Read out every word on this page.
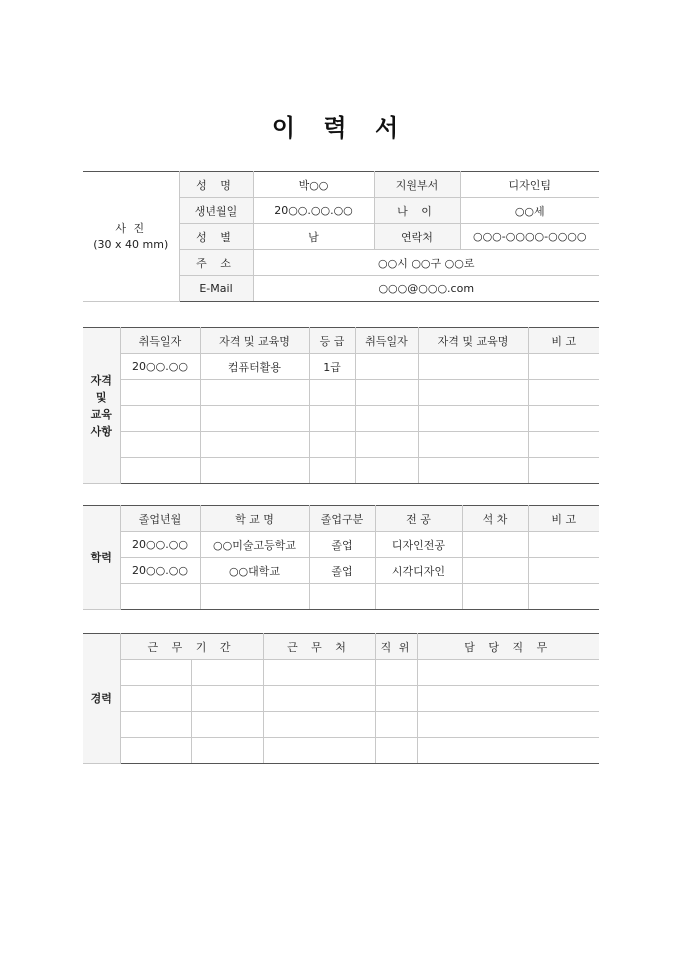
이 력 서
사 진
(30 x 40 mm)	성 명	박○○	지원부서	디자인팀
	생년월일	20○○.○○.○○	나 이	○○세
	성 별	남	연락처	○○○-○○○○-○○○○
	주 소	○○시 ○○구 ○○로		
	E-Mail	○○○@○○○.com		
자격
및
교육
사항	취득일자	자격 및 교육명	등 급	취득일자	자격 및 교육명	비 고
	20○○.○○	컴퓨터활용	1급			

학력	졸업년월	학 교 명	졸업구분	전 공	석 차	비 고
	20○○.○○	○○미술고등학교	졸업	디자인전공		
	20○○.○○	○○대학교	졸업	시각디자인		

경력	근 무 기 간		근 무 처	직 위	담 당 직 무
